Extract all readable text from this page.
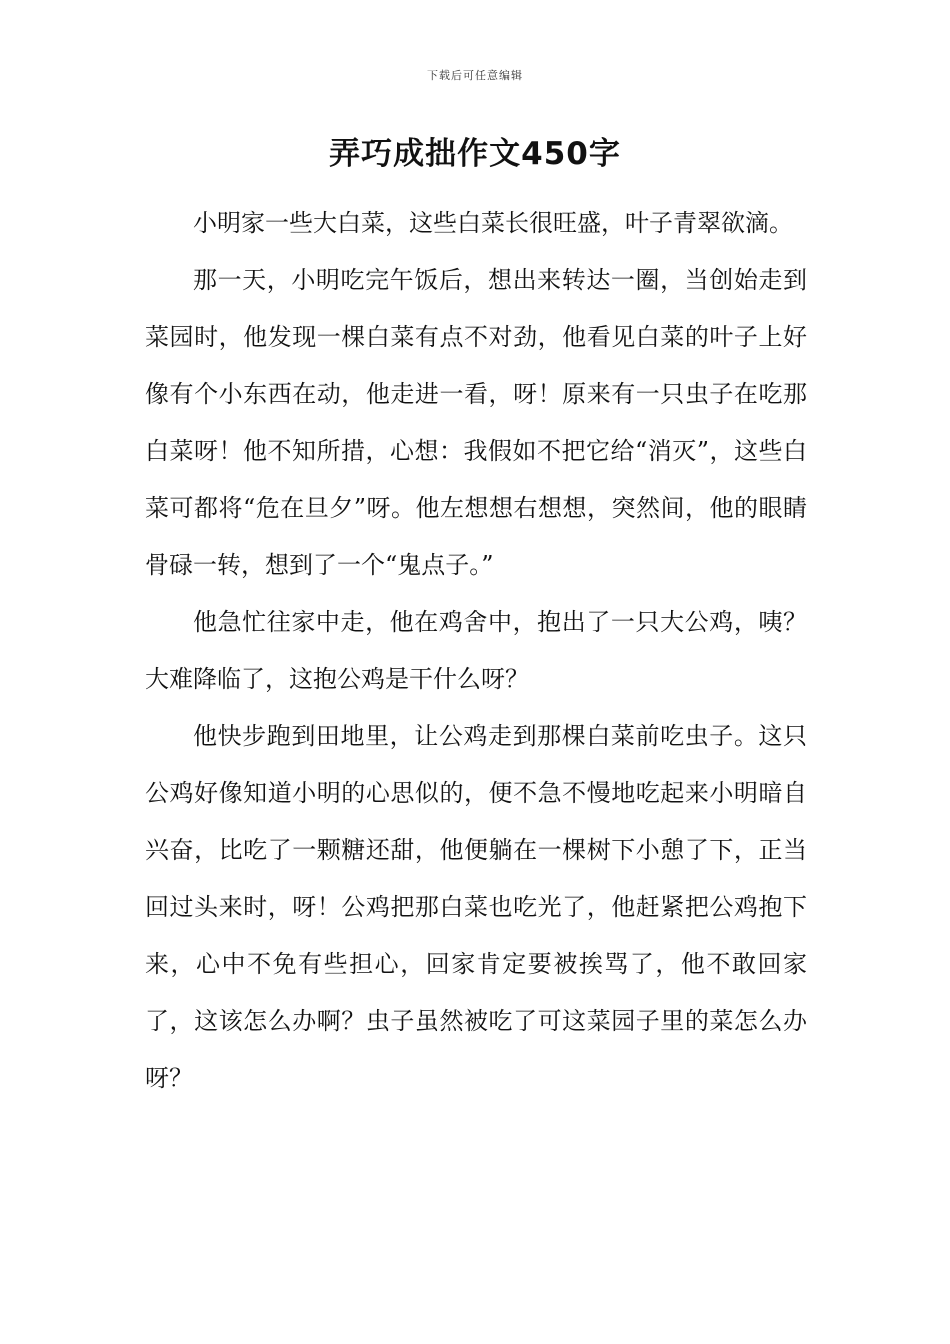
下载后可任意编辑
弄巧成拙作文450字

小明家一些大白菜，这些白菜长很旺盛，叶子青翠欲滴。

那一天，小明吃完午饭后，想出来转达一圈，当创始走到菜园时，他发现一棵白菜有点不对劲，他看见白菜的叶子上好像有个小东西在动，他走进一看，呀！原来有一只虫子在吃那白菜呀！他不知所措，心想：我假如不把它给“消灭”，这些白菜可都将“危在旦夕”呀。他左想想右想想，突然间，他的眼睛骨碌一转，想到了一个“鬼点子。”

他急忙往家中走，他在鸡舍中，抱出了一只大公鸡，咦？大难降临了，这抱公鸡是干什么呀？

他快步跑到田地里，让公鸡走到那棵白菜前吃虫子。这只公鸡好像知道小明的心思似的，便不急不慢地吃起来小明暗自兴奋，比吃了一颗糖还甜，他便躺在一棵树下小憩了下，正当回过头来时，呀！公鸡把那白菜也吃光了，他赶紧把公鸡抱下来，心中不免有些担心，回家肯定要被挨骂了，他不敢回家了，这该怎么办啊？虫子虽然被吃了可这菜园子里的菜怎么办呀？
